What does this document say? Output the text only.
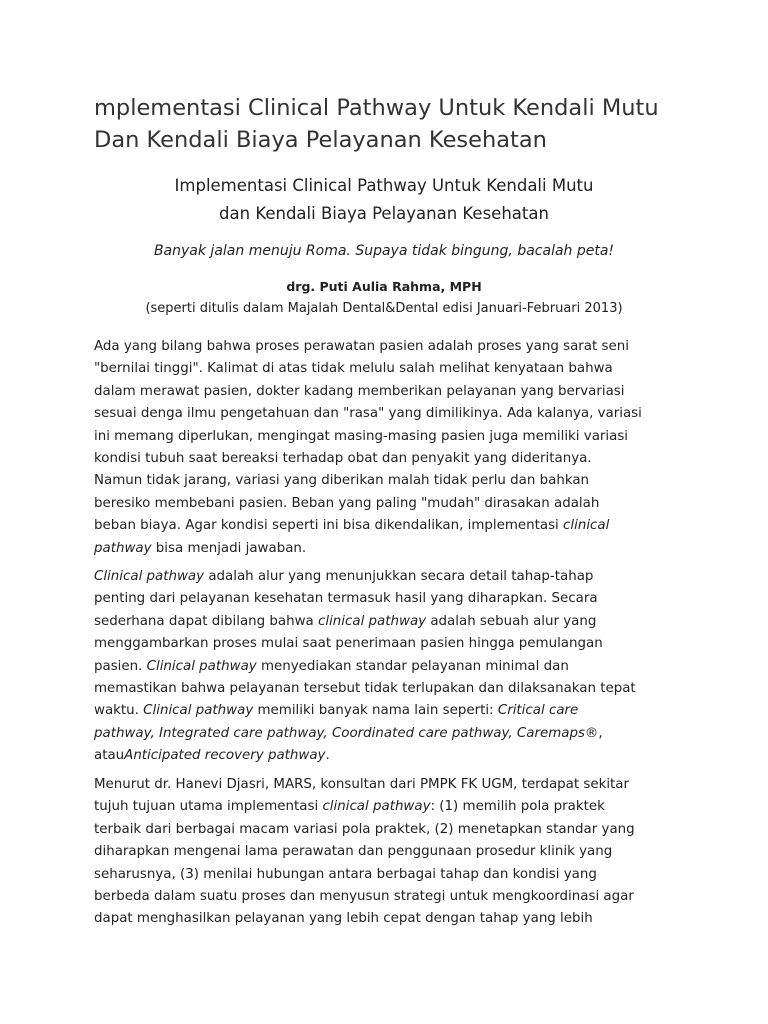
mplementasi Clinical Pathway Untuk Kendali Mutu
Dan Kendali Biaya Pelayanan Kesehatan
Implementasi Clinical Pathway Untuk Kendali Mutu
dan Kendali Biaya Pelayanan Kesehatan

Banyak jalan menuju Roma. Supaya tidak bingung, bacalah peta!

drg. Puti Aulia Rahma, MPH

(seperti ditulis dalam Majalah Dental&Dental edisi Januari-Februari 2013)

Ada yang bilang bahwa proses perawatan pasien adalah proses yang sarat seni
"bernilai tinggi". Kalimat di atas tidak melulu salah melihat kenyataan bahwa
dalam merawat pasien, dokter kadang memberikan pelayanan yang bervariasi
sesuai denga ilmu pengetahuan dan "rasa" yang dimilikinya. Ada kalanya, variasi
ini memang diperlukan, mengingat masing-masing pasien juga memiliki variasi
kondisi tubuh saat bereaksi terhadap obat dan penyakit yang dideritanya.
Namun tidak jarang, variasi yang diberikan malah tidak perlu dan bahkan
beresiko membebani pasien. Beban yang paling "mudah" dirasakan adalah
beban biaya. Agar kondisi seperti ini bisa dikendalikan, implementasi clinical
pathway bisa menjadi jawaban.
Clinical pathway adalah alur yang menunjukkan secara detail tahap-tahap
penting dari pelayanan kesehatan termasuk hasil yang diharapkan. Secara
sederhana dapat dibilang bahwa clinical pathway adalah sebuah alur yang
menggambarkan proses mulai saat penerimaan pasien hingga pemulangan
pasien. Clinical pathway menyediakan standar pelayanan minimal dan
memastikan bahwa pelayanan tersebut tidak terlupakan dan dilaksanakan tepat
waktu. Clinical pathway memiliki banyak nama lain seperti: Critical care
pathway, Integrated care pathway, Coordinated care pathway, Caremaps®,
atauAnticipated recovery pathway.
Menurut dr. Hanevi Djasri, MARS, konsultan dari PMPK FK UGM, terdapat sekitar
tujuh tujuan utama implementasi clinical pathway: (1) memilih pola praktek
terbaik dari berbagai macam variasi pola praktek, (2) menetapkan standar yang
diharapkan mengenai lama perawatan dan penggunaan prosedur klinik yang
seharusnya, (3) menilai hubungan antara berbagai tahap dan kondisi yang
berbeda dalam suatu proses dan menyusun strategi untuk mengkoordinasi agar
dapat menghasilkan pelayanan yang lebih cepat dengan tahap yang lebih
